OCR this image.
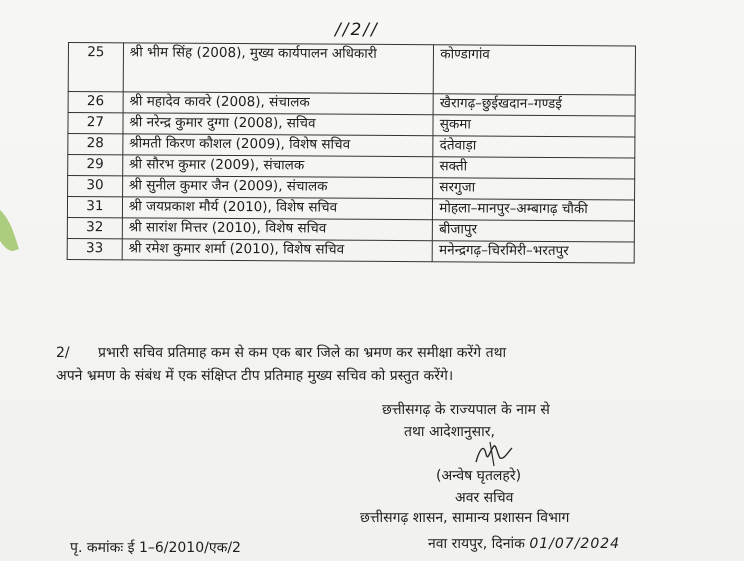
//2//
25	श्री भीम सिंह (2008), मुख्य कार्यपालन अधिकारी	कोण्डागांव
26	श्री महादेव कावरे (2008), संचालक	खैरागढ़–छुईखदान–गण्डई
27	श्री नरेन्द्र कुमार दुग्गा (2008), सचिव	सुकमा
28	श्रीमती किरण कौशल (2009), विशेष सचिव	दंतेवाड़ा
29	श्री सौरभ कुमार (2009), संचालक	सक्ती
30	श्री सुनील कुमार जैन (2009), संचालक	सरगुजा
31	श्री जयप्रकाश मौर्य (2010), विशेष सचिव	मोहला–मानपुर–अम्बागढ़ चौकी
32	श्री सारांश मित्तर (2010), विशेष सचिव	बीजापुर
33	श्री रमेश कुमार शर्मा (2010), विशेष सचिव	मनेन्द्रगढ़–चिरमिरी–भरतपुर
2/ प्रभारी सचिव प्रतिमाह कम से कम एक बार जिले का भ्रमण कर समीक्षा करेंगे तथा
अपने भ्रमण के संबंध में एक संक्षिप्त टीप प्रतिमाह मुख्य सचिव को प्रस्तुत करेंगे।
छत्तीसगढ़ के राज्यपाल के नाम से
तथा आदेशानुसार,
(अन्वेष घृतलहरे)
अवर सचिव
छत्तीसगढ़ शासन, सामान्य प्रशासन विभाग
पृ. कमांकः ई 1–6/2010/एक/2	नवा रायपुर, दिनांक 01/07/2024
